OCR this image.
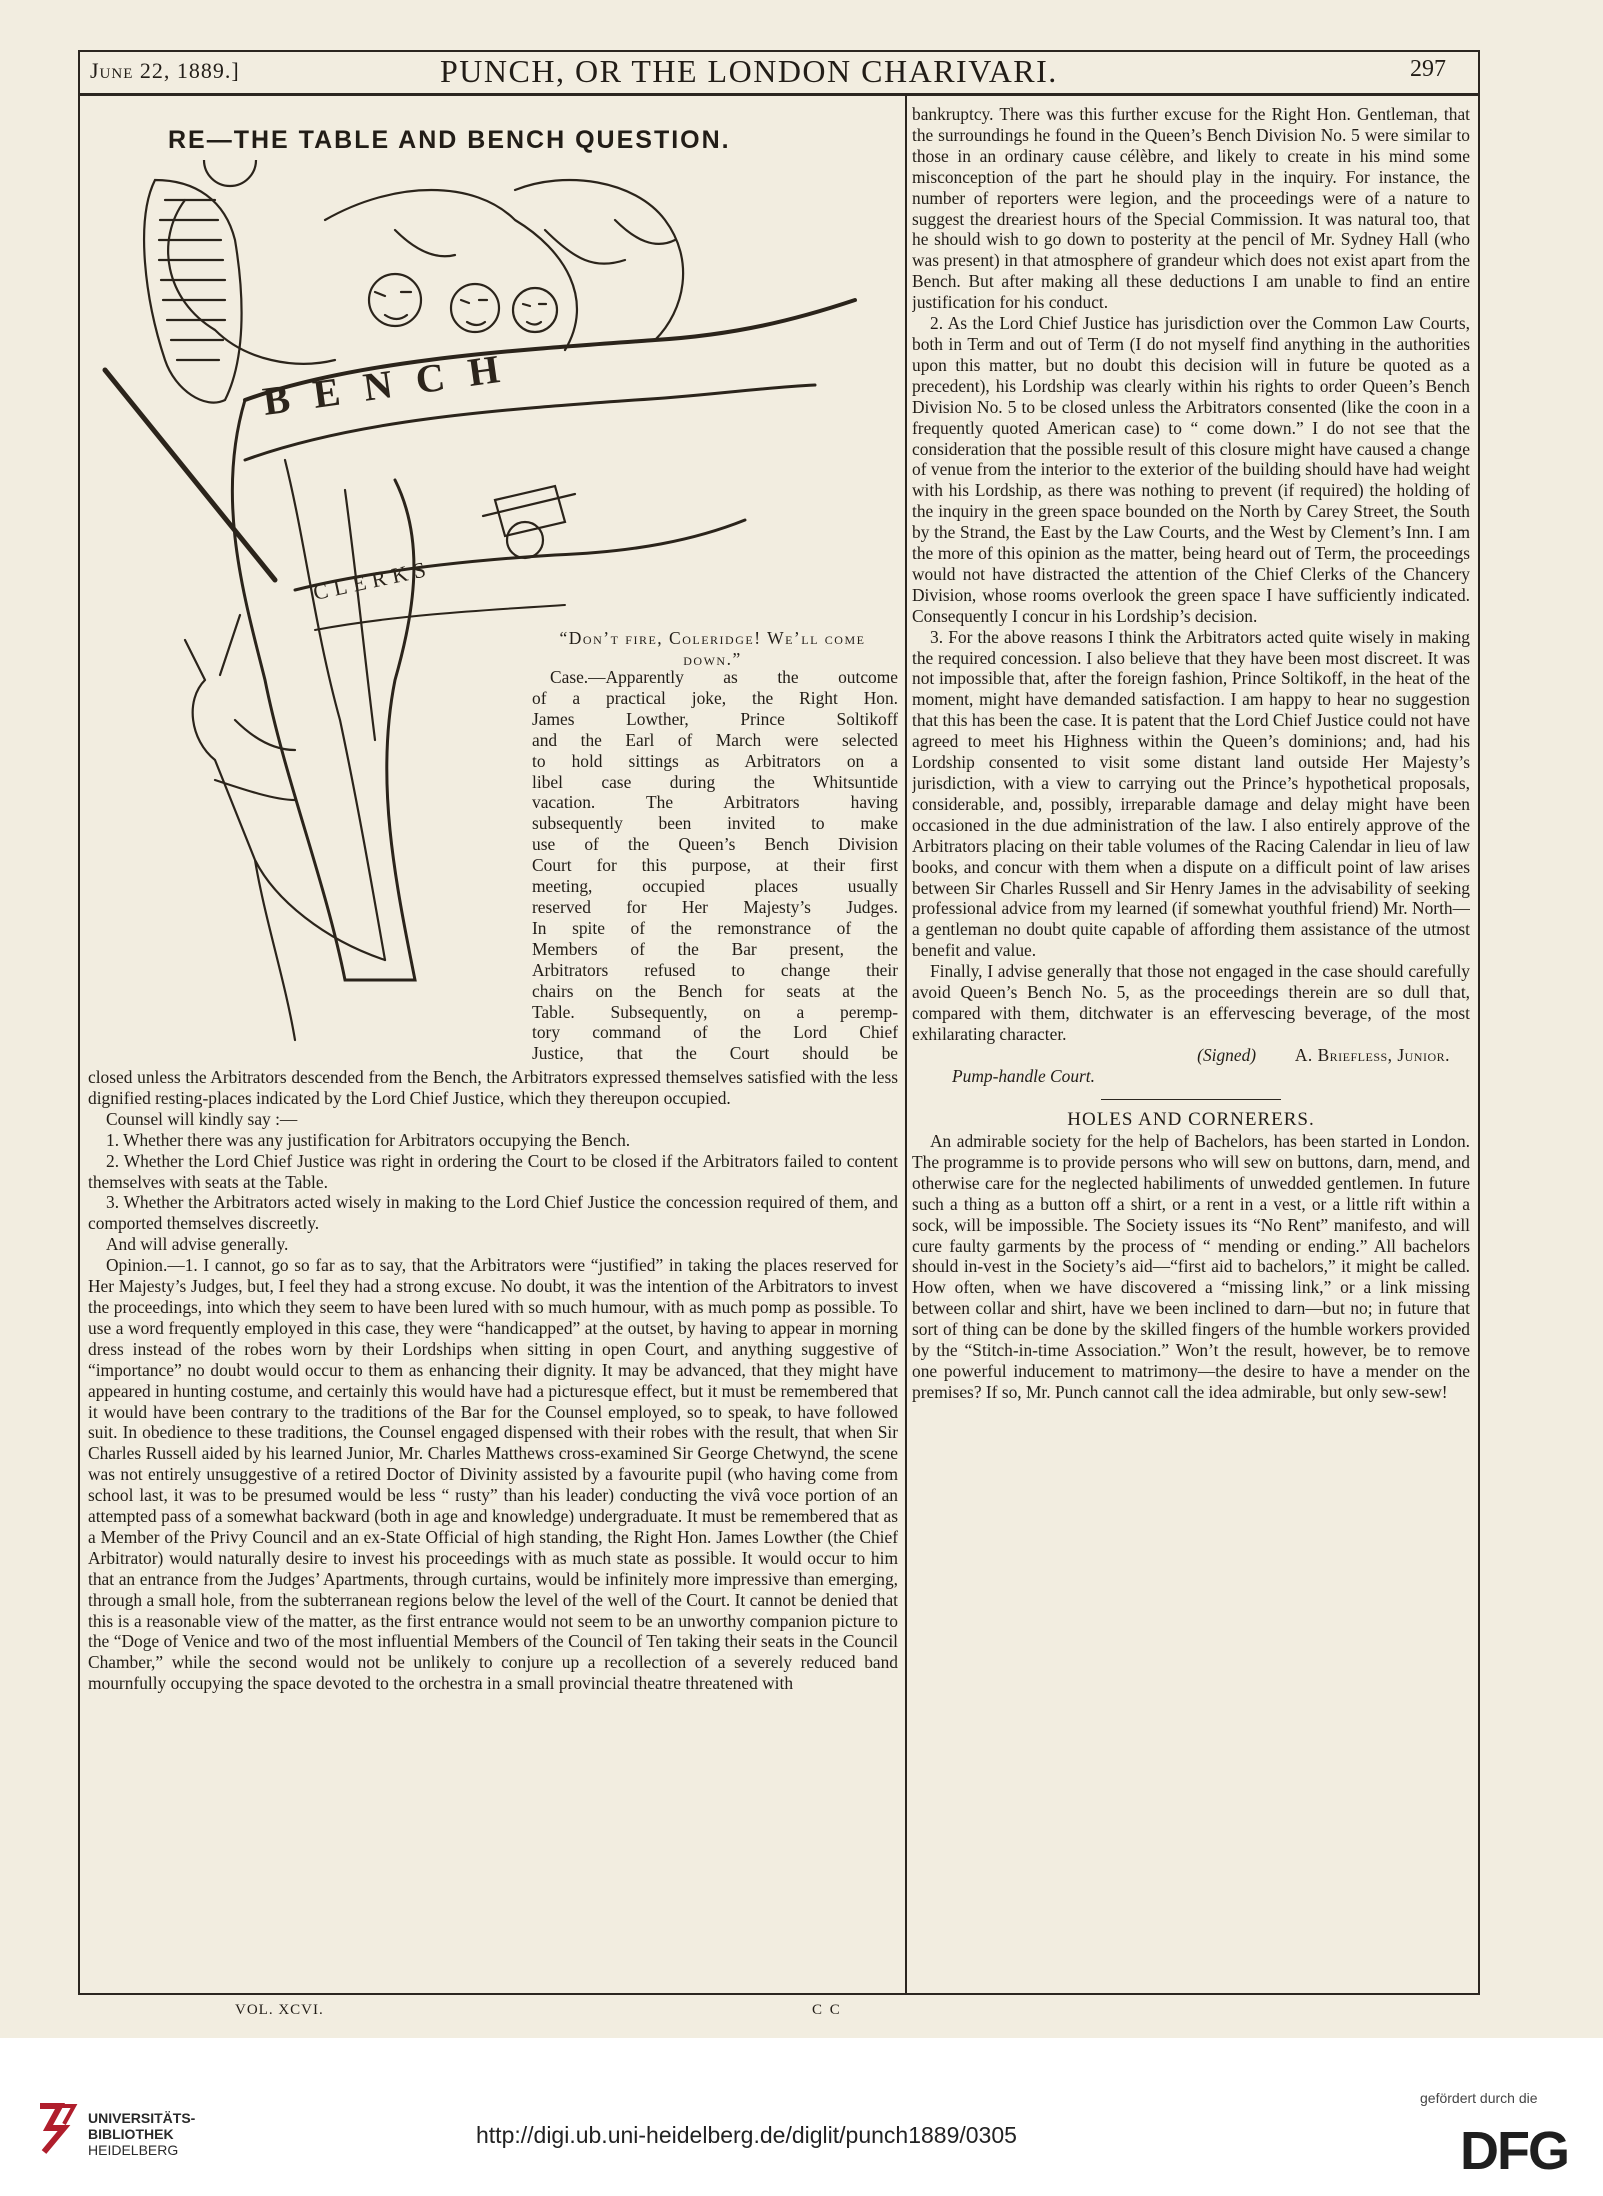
June 22, 1889.]	PUNCH, OR THE LONDON CHARIVARI.	297
RE—THE TABLE AND BENCH QUESTION.
BENCH
CLERKS
“Don’t fire, Coleridge! We’ll come down.”

Case.—Apparently as the outcome

of a practical joke, the Right Hon.

James Lowther, Prince Soltikoff

and the Earl of March were selected

to hold sittings as Arbitrators on a

libel case during the Whitsuntide

vacation. The Arbitrators having

subsequently been invited to make

use of the Queen’s Bench Division

Court for this purpose, at their first

meeting, occupied places usually

reserved for Her Majesty’s Judges.

In spite of the remonstrance of the

Members of the Bar present, the

Arbitrators refused to change their

chairs on the Bench for seats at the

Table. Subsequently, on a peremp-

tory command of the Lord Chief

Justice, that the Court should be

closed unless the Arbitrators descended from the Bench, the Arbitrators expressed themselves satisfied with the less dignified resting-places indicated by the Lord Chief Justice, which they thereupon occupied.

Counsel will kindly say :—

1. Whether there was any justification for Arbitrators occupying the Bench.

2. Whether the Lord Chief Justice was right in ordering the Court to be closed if the Arbitrators failed to content themselves with seats at the Table.

3. Whether the Arbitrators acted wisely in making to the Lord Chief Justice the concession required of them, and comported themselves discreetly.

And will advise generally.

Opinion.—1. I cannot, go so far as to say, that the Arbitrators were “justified” in taking the places reserved for Her Majesty’s Judges, but, I feel they had a strong excuse. No doubt, it was the intention of the Arbitrators to invest the proceedings, into which they seem to have been lured with so much humour, with as much pomp as possible. To use a word frequently employed in this case, they were “handicapped” at the outset, by having to appear in morning dress instead of the robes worn by their Lordships when sitting in open Court, and anything suggestive of “importance” no doubt would occur to them as enhancing their dignity. It may be advanced, that they might have appeared in hunting costume, and certainly this would have had a picturesque effect, but it must be remembered that it would have been contrary to the traditions of the Bar for the Counsel employed, so to speak, to have followed suit. In obedience to these traditions, the Counsel engaged dispensed with their robes with the result, that when Sir Charles Russell aided by his learned Junior, Mr. Charles Matthews cross-examined Sir George Chetwynd, the scene was not entirely unsuggestive of a retired Doctor of Divinity assisted by a favourite pupil (who having come from school last, it was to be presumed would be less “ rusty” than his leader) conducting the vivâ voce portion of an attempted pass of a somewhat backward (both in age and knowledge) undergraduate. It must be remembered that as a Member of the Privy Council and an ex-State Official of high standing, the Right Hon. James Lowther (the Chief Arbitrator) would naturally desire to invest his proceedings with as much state as possible. It would occur to him that an entrance from the Judges’ Apartments, through curtains, would be infinitely more impressive than emerging, through a small hole, from the subterranean regions below the level of the well of the Court. It cannot be denied that this is a reasonable view of the matter, as the first entrance would not seem to be an unworthy companion picture to the “Doge of Venice and two of the most influential Members of the Council of Ten taking their seats in the Council Chamber,” while the second would not be unlikely to conjure up a recollection of a severely reduced band mournfully occupying the space devoted to the orchestra in a small provincial theatre threatened with

bankruptcy. There was this further excuse for the Right Hon. Gentleman, that the surroundings he found in the Queen’s Bench Division No. 5 were similar to those in an ordinary cause célèbre, and likely to create in his mind some misconception of the part he should play in the inquiry. For instance, the number of reporters were legion, and the proceedings were of a nature to suggest the dreariest hours of the Special Commission. It was natural too, that he should wish to go down to posterity at the pencil of Mr. Sydney Hall (who was present) in that atmosphere of grandeur which does not exist apart from the Bench. But after making all these deductions I am unable to find an entire justification for his conduct.

2. As the Lord Chief Justice has jurisdiction over the Common Law Courts, both in Term and out of Term (I do not myself find anything in the authorities upon this matter, but no doubt this decision will in future be quoted as a precedent), his Lordship was clearly within his rights to order Queen’s Bench Division No. 5 to be closed unless the Arbitrators consented (like the coon in a frequently quoted American case) to “ come down.” I do not see that the consideration that the possible result of this closure might have caused a change of venue from the interior to the exterior of the building should have had weight with his Lordship, as there was nothing to prevent (if required) the holding of the inquiry in the green space bounded on the North by Carey Street, the South by the Strand, the East by the Law Courts, and the West by Clement’s Inn. I am the more of this opinion as the matter, being heard out of Term, the proceedings would not have distracted the attention of the Chief Clerks of the Chancery Division, whose rooms overlook the green space I have sufficiently indicated. Consequently I concur in his Lordship’s decision.

3. For the above reasons I think the Arbitrators acted quite wisely in making the required concession. I also believe that they have been most discreet. It was not impossible that, after the foreign fashion, Prince Soltikoff, in the heat of the moment, might have demanded satisfaction. I am happy to hear no suggestion that this has been the case. It is patent that the Lord Chief Justice could not have agreed to meet his Highness within the Queen’s dominions; and, had his Lordship consented to visit some distant land outside Her Majesty’s jurisdiction, with a view to carrying out the Prince’s hypothetical proposals, considerable, and, possibly, irreparable damage and delay might have been occasioned in the due administration of the law. I also entirely approve of the Arbitrators placing on their table volumes of the Racing Calendar in lieu of law books, and concur with them when a dispute on a difficult point of law arises between Sir Charles Russell and Sir Henry James in the advisability of seeking professional advice from my learned (if somewhat youthful friend) Mr. North—a gentleman no doubt quite capable of affording them assistance of the utmost benefit and value.

Finally, I advise generally that those not engaged in the case should carefully avoid Queen’s Bench No. 5, as the proceedings therein are so dull that, compared with them, ditchwater is an effervescing beverage, of the most exhilarating character.

(Signed) A. Briefless, Junior.

Pump-handle Court.

HOLES AND CORNERERS.

An admirable society for the help of Bachelors, has been started in London. The programme is to provide persons who will sew on buttons, darn, mend, and otherwise care for the neglected habiliments of unwedded gentlemen. In future such a thing as a button off a shirt, or a rent in a vest, or a little rift within a sock, will be impossible. The Society issues its “No Rent” manifesto, and will cure faulty garments by the process of “ mending or ending.” All bachelors should in-vest in the Society’s aid—“first aid to bachelors,” it might be called. How often, when we have discovered a “missing link,” or a link missing between collar and shirt, have we been inclined to darn—but no; in future that sort of thing can be done by the skilled fingers of the humble workers provided by the “Stitch-in-time Association.” Won’t the result, however, be to remove one powerful inducement to matrimony—the desire to have a mender on the premises? If so, Mr. Punch cannot call the idea admirable, but only sew-sew!

VOL. XCVI.	C C
UNIVERSITÄTS-
BIBLIOTHEK
HEIDELBERG
http://digi.ub.uni-heidelberg.de/diglit/punch1889/0305
gefördert durch die
DFG
